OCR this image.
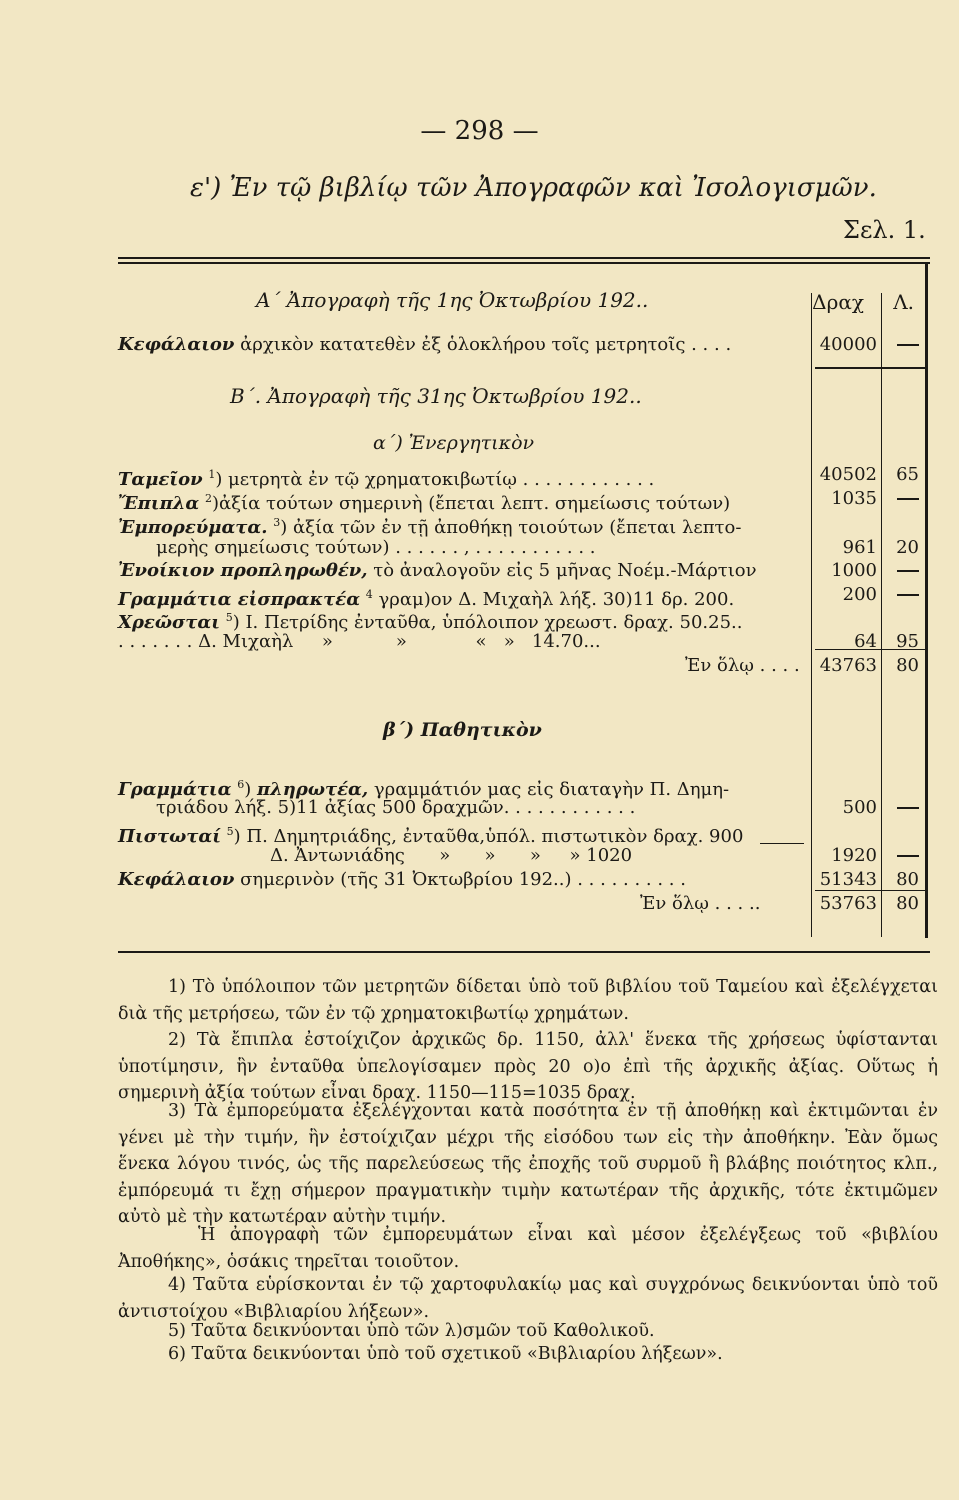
— 298 —
ε') Ἐν τῷ βιβλίῳ τῶν Ἀπογραφῶν καὶ Ἰσολογισμῶν.
Σελ. 1.
Δραχ Λ.
Α΄ Ἀπογραφὴ τῆς 1ης Ὀκτωβρίου 192..
Κεφάλαιον ἀρχικὸν κατατεθὲν ἐξ ὁλοκλήρου τοῖς μετρητοῖς . . . .	40000
Β΄. Ἀπογραφὴ τῆς 31ης Ὀκτωβρίου 192..
α΄) Ἐνεργητικὸν
Ταμεῖον $^1$) μετρητὰ ἐν τῷ χρηματοκιβωτίῳ . . . . . . . . . . . .	40502 65
Ἔπιπλα $^2$)ἀξία τούτων σημερινὴ (ἔπεται λεπτ. σημείωσις τούτων)	1035
Ἐμπορεύματα. $^3$) ἀξία τῶν ἐν τῇ ἀποθήκῃ τοιούτων (ἔπεται λεπτο-
μερὴς σημείωσις τούτων) . . . . . . , . . . . . . . . . . .	961 20
Ἐνοίκιον προπληρωθέν, τὸ ἀναλογοῦν εἰς 5 μῆνας Νοέμ.-Μάρτιον	1000
Γραμμάτια εἰσπρακτέα $^4$ γραμ)ον Δ. Μιχαὴλ λήξ. 30)11 δρ. 200.	200
Χρεῶσται $^5$) Ι. Πετρίδης ἐνταῦθα, ὑπόλοιπον χρεωστ. δραχ. 50.25..
. . . . . . . Δ. Μιχαὴλ     »           »            «   »   14.70...	64 95
Ἐν ὅλῳ . . . . 43763 80
β΄) Παθητικὸν
Γραμμάτια $^6$) πληρωτέα, γραμμάτιόν μας εἰς διαταγὴν Π. Δημη-
τριάδου λήξ. 5)11 ἀξίας 500 δραχμῶν. . . . . . . . . . . .	500
Πιστωταί $^5$) Π. Δημητριάδης, ἐνταῦθα,ὑπόλ. πιστωτικὸν δραχ. 900
Δ. Ἀντωνιάδης      »      »      »     » 1020	1920
Κεφάλαιον σημερινὸν (τῆς 31 Ὀκτωβρίου 192..) . . . . . . . . . .	51343 80
Ἐν ὅλῳ . . . ..	53763 80
1) Τὸ ὑπόλοιπον τῶν μετρητῶν δίδεται ὑπὸ τοῦ βιβλίου τοῦ Ταμείου καὶ ἐξελέγχεται διὰ τῆς μετρήσεω, τῶν ἐν τῷ χρηματοκιβωτίῳ χρημάτων.
2) Τὰ ἔπιπλα ἐστοίχιζον ἀρχικῶς δρ. 1150, ἀλλ' ἕνεκα τῆς χρήσεως ὑφίστανται ὑποτίμησιν, ἣν ἐνταῦθα ὑπελογίσαμεν πρὸς 20 ο)ο ἐπὶ τῆς ἀρχικῆς ἀξίας. Οὕτως ἡ σημερινὴ ἀξία τούτων εἶναι δραχ. 1150—115=1035 δραχ.
3) Τὰ ἐμπορεύματα ἐξελέγχονται κατὰ ποσότητα ἐν τῇ ἀποθήκῃ καὶ ἐκτιμῶνται ἐν γένει μὲ τὴν τιμήν, ἣν ἐστοίχιζαν μέχρι τῆς εἰσόδου των εἰς τὴν ἀποθήκην. Ἐὰν ὅμως ἕνεκα λόγου τινός, ὡς τῆς παρελεύσεως τῆς ἐποχῆς τοῦ συρμοῦ ἢ βλάβης ποιότητος κλπ., ἐμπόρευμά τι ἔχῃ σήμερον πραγματικὴν τιμὴν κατωτέραν τῆς ἀρχικῆς, τότε ἐκτιμῶμεν αὐτὸ μὲ τὴν κατωτέραν αὐτὴν τιμήν.
Ἡ ἀπογραφὴ τῶν ἐμπορευμάτων εἶναι καὶ μέσον ἐξελέγξεως τοῦ «βιβλίου Ἀποθήκης», ὁσάκις τηρεῖται τοιοῦτον.
4) Ταῦτα εὑρίσκονται ἐν τῷ χαρτοφυλακίῳ μας καὶ συγχρόνως δεικνύονται ὑπὸ τοῦ ἀντιστοίχου «Βιβλιαρίου λήξεων».
5) Ταῦτα δεικνύονται ὑπὸ τῶν λ)σμῶν τοῦ Καθολικοῦ.
6) Ταῦτα δεικνύονται ὑπὸ τοῦ σχετικοῦ «Βιβλιαρίου λήξεων».
